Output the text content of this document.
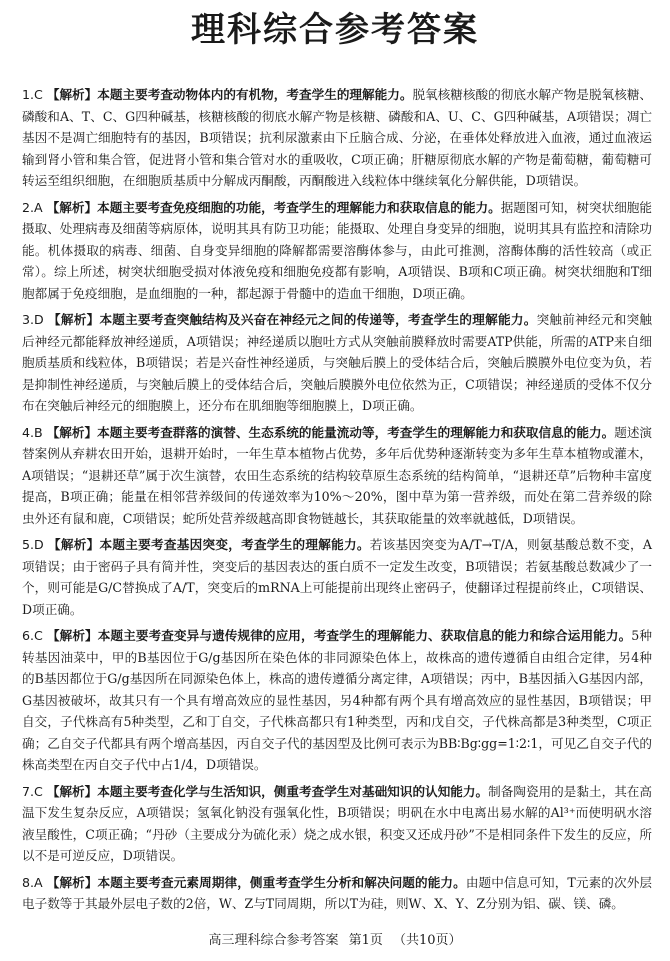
理科综合参考答案

1.C 【解析】本题主要考查动物体内的有机物，考查学生的理解能力。脱氧核糖核酸的彻底水解产物是脱氧核糖、磷酸和A、T、C、G四种碱基，核糖核酸的彻底水解产物是核糖、磷酸和A、U、C、G四种碱基，A项错误；凋亡基因不是凋亡细胞特有的基因，B项错误；抗利尿激素由下丘脑合成、分泌，在垂体处释放进入血液，通过血液运输到肾小管和集合管，促进肾小管和集合管对水的重吸收，C项正确；肝糖原彻底水解的产物是葡萄糖，葡萄糖可转运至组织细胞，在细胞质基质中分解成丙酮酸，丙酮酸进入线粒体中继续氧化分解供能，D项错误。

2.A 【解析】本题主要考查免疫细胞的功能，考查学生的理解能力和获取信息的能力。据题图可知，树突状细胞能摄取、处理病毒及细菌等病原体，说明其具有防卫功能；能摄取、处理自身变异的细胞，说明其具有监控和清除功能。机体摄取的病毒、细菌、自身变异细胞的降解都需要溶酶体参与，由此可推测，溶酶体酶的活性较高（或正常）。综上所述，树突状细胞受损对体液免疫和细胞免疫都有影响，A项错误、B项和C项正确。树突状细胞和T细胞都属于免疫细胞，是血细胞的一种，都起源于骨髓中的造血干细胞，D项正确。

3.D 【解析】本题主要考查突触结构及兴奋在神经元之间的传递等，考查学生的理解能力。突触前神经元和突触后神经元都能释放神经递质，A项错误；神经递质以胞吐方式从突触前膜释放时需要ATP供能，所需的ATP来自细胞质基质和线粒体，B项错误；若是兴奋性神经递质，与突触后膜上的受体结合后，突触后膜膜外电位变为负，若是抑制性神经递质，与突触后膜上的受体结合后，突触后膜膜外电位依然为正，C项错误；神经递质的受体不仅分布在突触后神经元的细胞膜上，还分布在肌细胞等细胞膜上，D项正确。

4.B 【解析】本题主要考查群落的演替、生态系统的能量流动等，考查学生的理解能力和获取信息的能力。题述演替案例从弃耕农田开始，退耕开始时，一年生草本植物占优势，多年后优势种逐渐转变为多年生草本植物或灌木，A项错误；“退耕还草”属于次生演替，农田生态系统的结构较草原生态系统的结构简单，“退耕还草”后物种丰富度提高，B项正确；能量在相邻营养级间的传递效率为10%～20%，图中草为第一营养级，而处在第二营养级的除虫外还有鼠和鹿，C项错误；蛇所处营养级越高即食物链越长，其获取能量的效率就越低，D项错误。

5.D 【解析】本题主要考查基因突变，考查学生的理解能力。若该基因突变为A/T→T/A，则氨基酸总数不变，A项错误；由于密码子具有简并性，突变后的基因表达的蛋白质不一定发生改变，B项错误；若氨基酸总数减少了一个，则可能是G/C替换成了A/T，突变后的mRNA上可能提前出现终止密码子，使翻译过程提前终止，C项错误、D项正确。

6.C 【解析】本题主要考查变异与遗传规律的应用，考查学生的理解能力、获取信息的能力和综合运用能力。5种转基因油菜中，甲的B基因位于G/g基因所在染色体的非同源染色体上，故株高的遗传遵循自由组合定律，另4种的B基因都位于G/g基因所在同源染色体上，株高的遗传遵循分离定律，A项错误；丙中，B基因插入G基因内部，G基因被破坏，故其只有一个具有增高效应的显性基因，另4种都有两个具有增高效应的显性基因，B项错误；甲自交，子代株高有5种类型，乙和丁自交，子代株高都只有1种类型，丙和戊自交，子代株高都是3种类型，C项正确；乙自交子代都具有两个增高基因，丙自交子代的基因型及比例可表示为BB∶Bg∶gg=1∶2∶1，可见乙自交子代的株高类型在丙自交子代中占1/4，D项错误。

7.C 【解析】本题主要考查化学与生活知识，侧重考查学生对基础知识的认知能力。制备陶瓷用的是黏土，其在高温下发生复杂反应，A项错误；氢氧化钠没有强氧化性，B项错误；明矾在水中电离出易水解的Al³⁺而使明矾水溶液呈酸性，C项正确；“丹砂（主要成分为硫化汞）烧之成水银，积变又还成丹砂”不是相同条件下发生的反应，所以不是可逆反应，D项错误。

8.A 【解析】本题主要考查元素周期律，侧重考查学生分析和解决问题的能力。由题中信息可知，T元素的次外层电子数等于其最外层电子数的2倍，W、Z与T同周期，所以T为硅，则W、X、Y、Z分别为铝、碳、镁、磷。

高三理科综合参考答案 第1页 （共10页）
